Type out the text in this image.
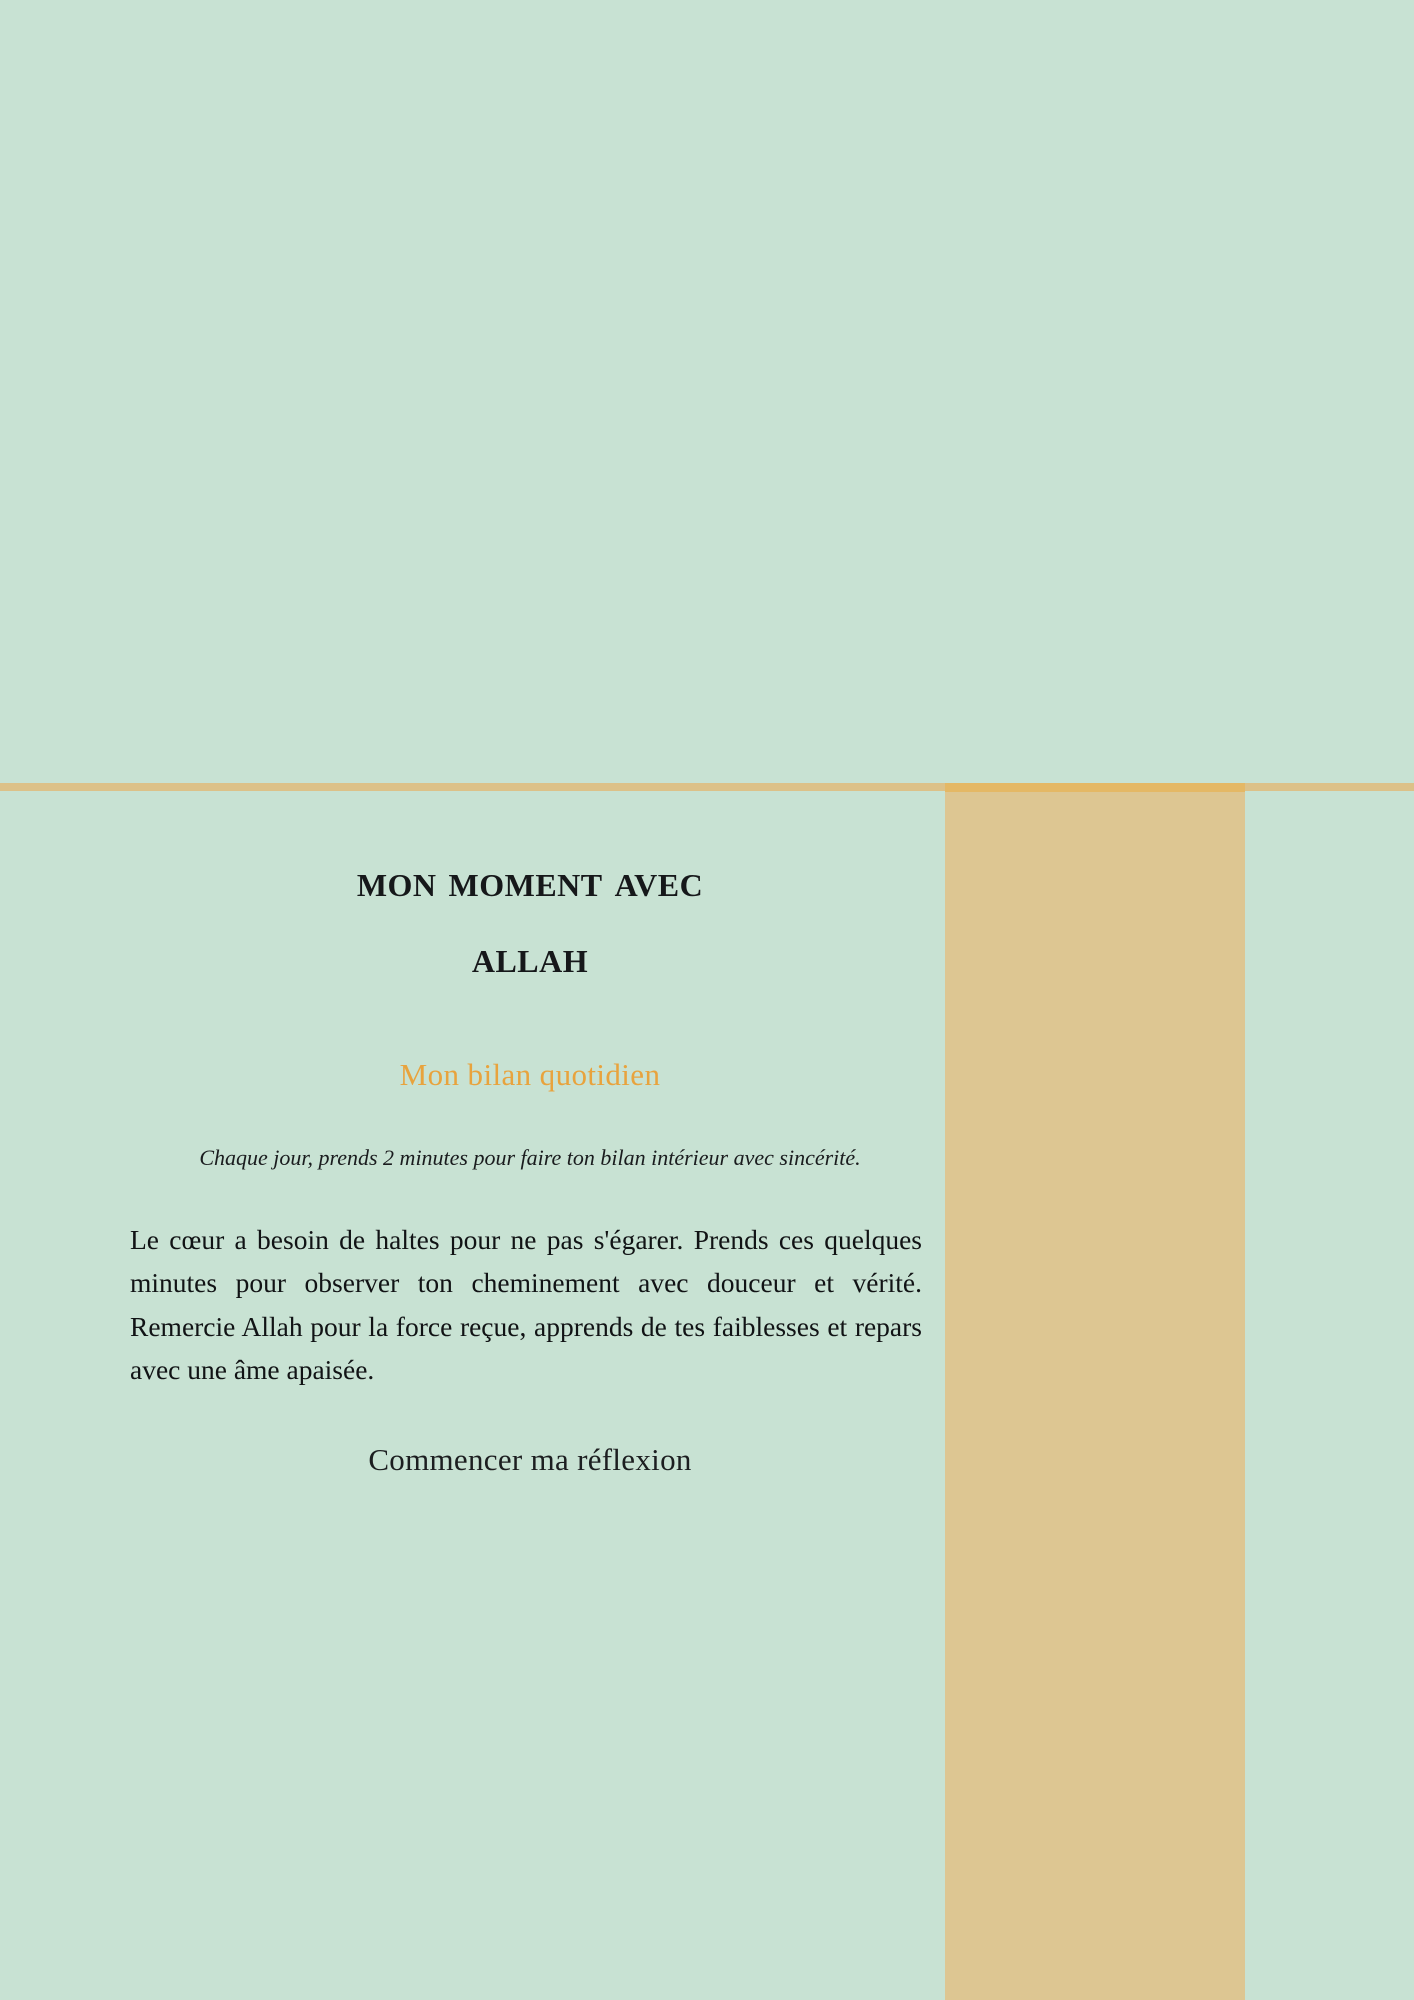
mon moment avec
allah
Mon bilan quotidien
Chaque jour, prends 2 minutes pour faire ton bilan intérieur avec sincérité.

Le cœur a besoin de haltes pour ne pas s'égarer. Prends ces quelques minutes pour observer ton cheminement avec douceur et vérité. Remercie Allah pour la force reçue, apprends de tes faiblesses et repars avec une âme apaisée.

Commencer ma réflexion
